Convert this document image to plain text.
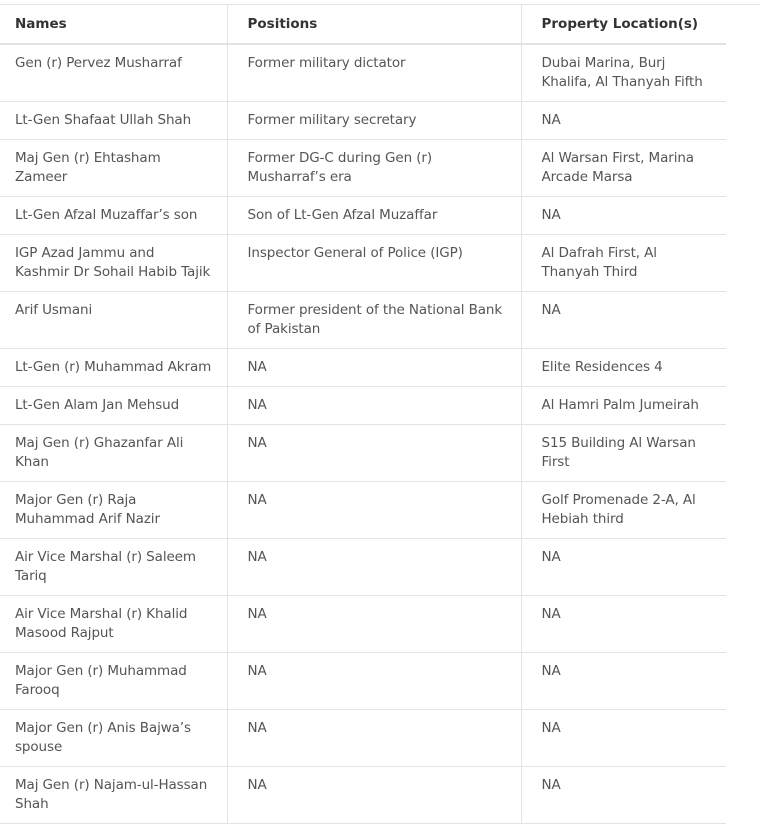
Names	Positions	Property Location(s)
Gen (r) Pervez Musharraf	Former military dictator	Dubai Marina, Burj Khalifa, Al Thanyah Fifth
Lt-Gen Shafaat Ullah Shah	Former military secretary	NA
Maj Gen (r) Ehtasham Zameer	Former DG-C during Gen (r) Musharraf’s era	Al Warsan First, Marina Arcade Marsa
Lt-Gen Afzal Muzaffar’s son	Son of Lt-Gen Afzal Muzaffar	NA
IGP Azad Jammu and Kashmir Dr Sohail Habib Tajik	Inspector General of Police (IGP)	Al Dafrah First, Al Thanyah Third
Arif Usmani	Former president of the National Bank of Pakistan	NA
Lt-Gen (r) Muhammad Akram	NA	Elite Residences 4
Lt-Gen Alam Jan Mehsud	NA	Al Hamri Palm Jumeirah
Maj Gen (r) Ghazanfar Ali Khan	NA	S15 Building Al Warsan First
Major Gen (r) Raja Muhammad Arif Nazir	NA	Golf Promenade 2-A, Al Hebiah third
Air Vice Marshal (r) Saleem Tariq	NA	NA
Air Vice Marshal (r) Khalid Masood Rajput	NA	NA
Major Gen (r) Muhammad Farooq	NA	NA
Major Gen (r) Anis Bajwa’s spouse	NA	NA
Maj Gen (r) Najam-ul-Hassan Shah	NA	NA
